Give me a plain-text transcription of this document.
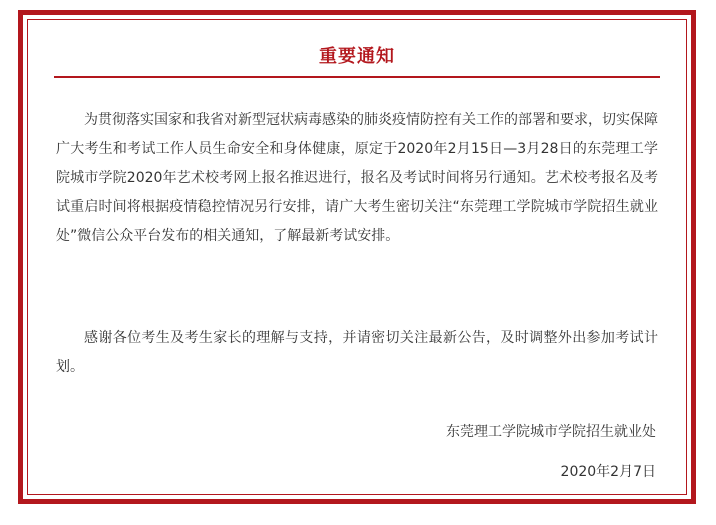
重要通知

为贯彻落实国家和我省对新型冠状病毒感染的肺炎疫情防控有关工作的部署和要求，切实保障广大考生和考试工作人员生命安全和身体健康，原定于2020年2月15日—3月28日的东莞理工学院城市学院2020年艺术校考网上报名推迟进行，报名及考试时间将另行通知。艺术校考报名及考试重启时间将根据疫情稳控情况另行安排，请广大考生密切关注“东莞理工学院城市学院招生就业处”微信公众平台发布的相关通知，了解最新考试安排。

感谢各位考生及考生家长的理解与支持，并请密切关注最新公告，及时调整外出参加考试计划。

东莞理工学院城市学院招生就业处
2020年2月7日
